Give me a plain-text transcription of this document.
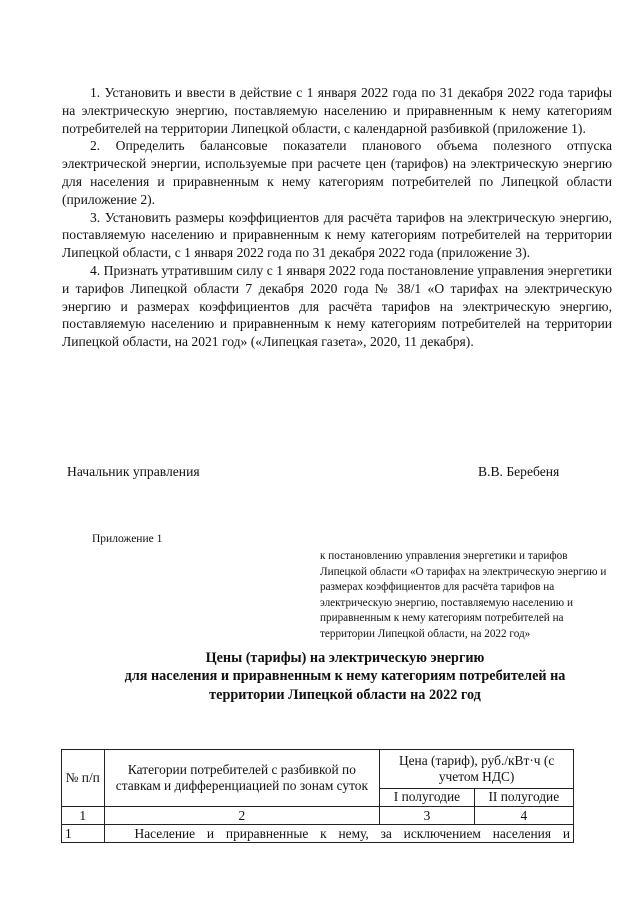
1. Установить и ввести в действие с 1 января 2022 года по 31 декабря 2022 года тарифы на электрическую энергию, поставляемую населению и приравненным к нему категориям потребителей на территории Липецкой области, с календарной разбивкой (приложение 1).

2. Определить балансовые показатели планового объема полезного отпуска электрической энергии, используемые при расчете цен (тарифов) на электрическую энергию для населения и приравненным к нему категориям потребителей по Липецкой области (приложение 2).

3. Установить размеры коэффициентов для расчёта тарифов на электрическую энергию, поставляемую населению и приравненным к нему категориям потребителей на территории Липецкой области, с 1 января 2022 года по 31 декабря 2022 года (приложение 3).

4. Признать утратившим силу с 1 января 2022 года постановление управления энергетики и тарифов Липецкой области 7 декабря 2020 года № 38/1 «О тарифах на электрическую энергию и размерах коэффициентов для расчёта тарифов на электрическую энергию, поставляемую населению и приравненным к нему категориям потребителей на территории Липецкой области, на 2021 год» («Липецкая газета», 2020, 11 декабря).

Начальник управления	В.В. Беребеня
Приложение 1
к постановлению управления энергетики и тарифов Липецкой области «О тарифах на электрическую энергию и размерах коэффициентов для расчёта тарифов на электрическую энергию, поставляемую населению и приравненным к нему категориям потребителей на территории Липецкой области, на 2022 год»
Цены (тарифы) на электрическую энергию
для населения и приравненным к нему категориям потребителей на
территории Липецкой области на 2022 год
№ п/п	Категории потребителей с разбивкой по ставкам и дифференциацией по зонам суток	Цена (тариф), руб./кВт·ч (с учетом НДС)	
		I полугодие	II полугодие
1	2	3	4
1	Население и приравненные к нему, за исключением населения и		
